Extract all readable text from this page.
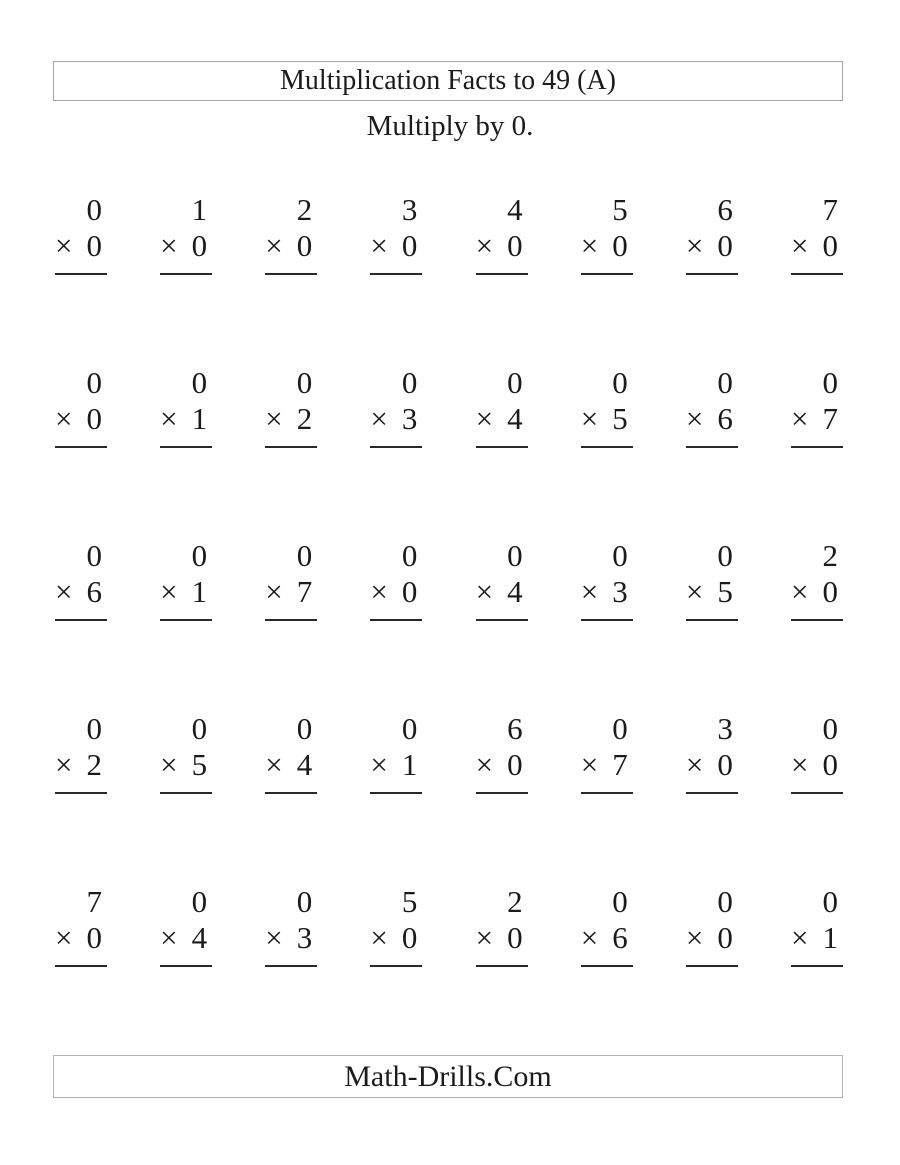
Multiplication Facts to 49 (A)
Multiply by 0.
0
× 0
1
× 0
2
× 0
3
× 0
4
× 0
5
× 0
6
× 0
7
× 0
0
× 0
0
× 1
0
× 2
0
× 3
0
× 4
0
× 5
0
× 6
0
× 7
0
× 6
0
× 1
0
× 7
0
× 0
0
× 4
0
× 3
0
× 5
2
× 0
0
× 2
0
× 5
0
× 4
0
× 1
6
× 0
0
× 7
3
× 0
0
× 0
7
× 0
0
× 4
0
× 3
5
× 0
2
× 0
0
× 6
0
× 0
0
× 1
Math-Drills.Com
